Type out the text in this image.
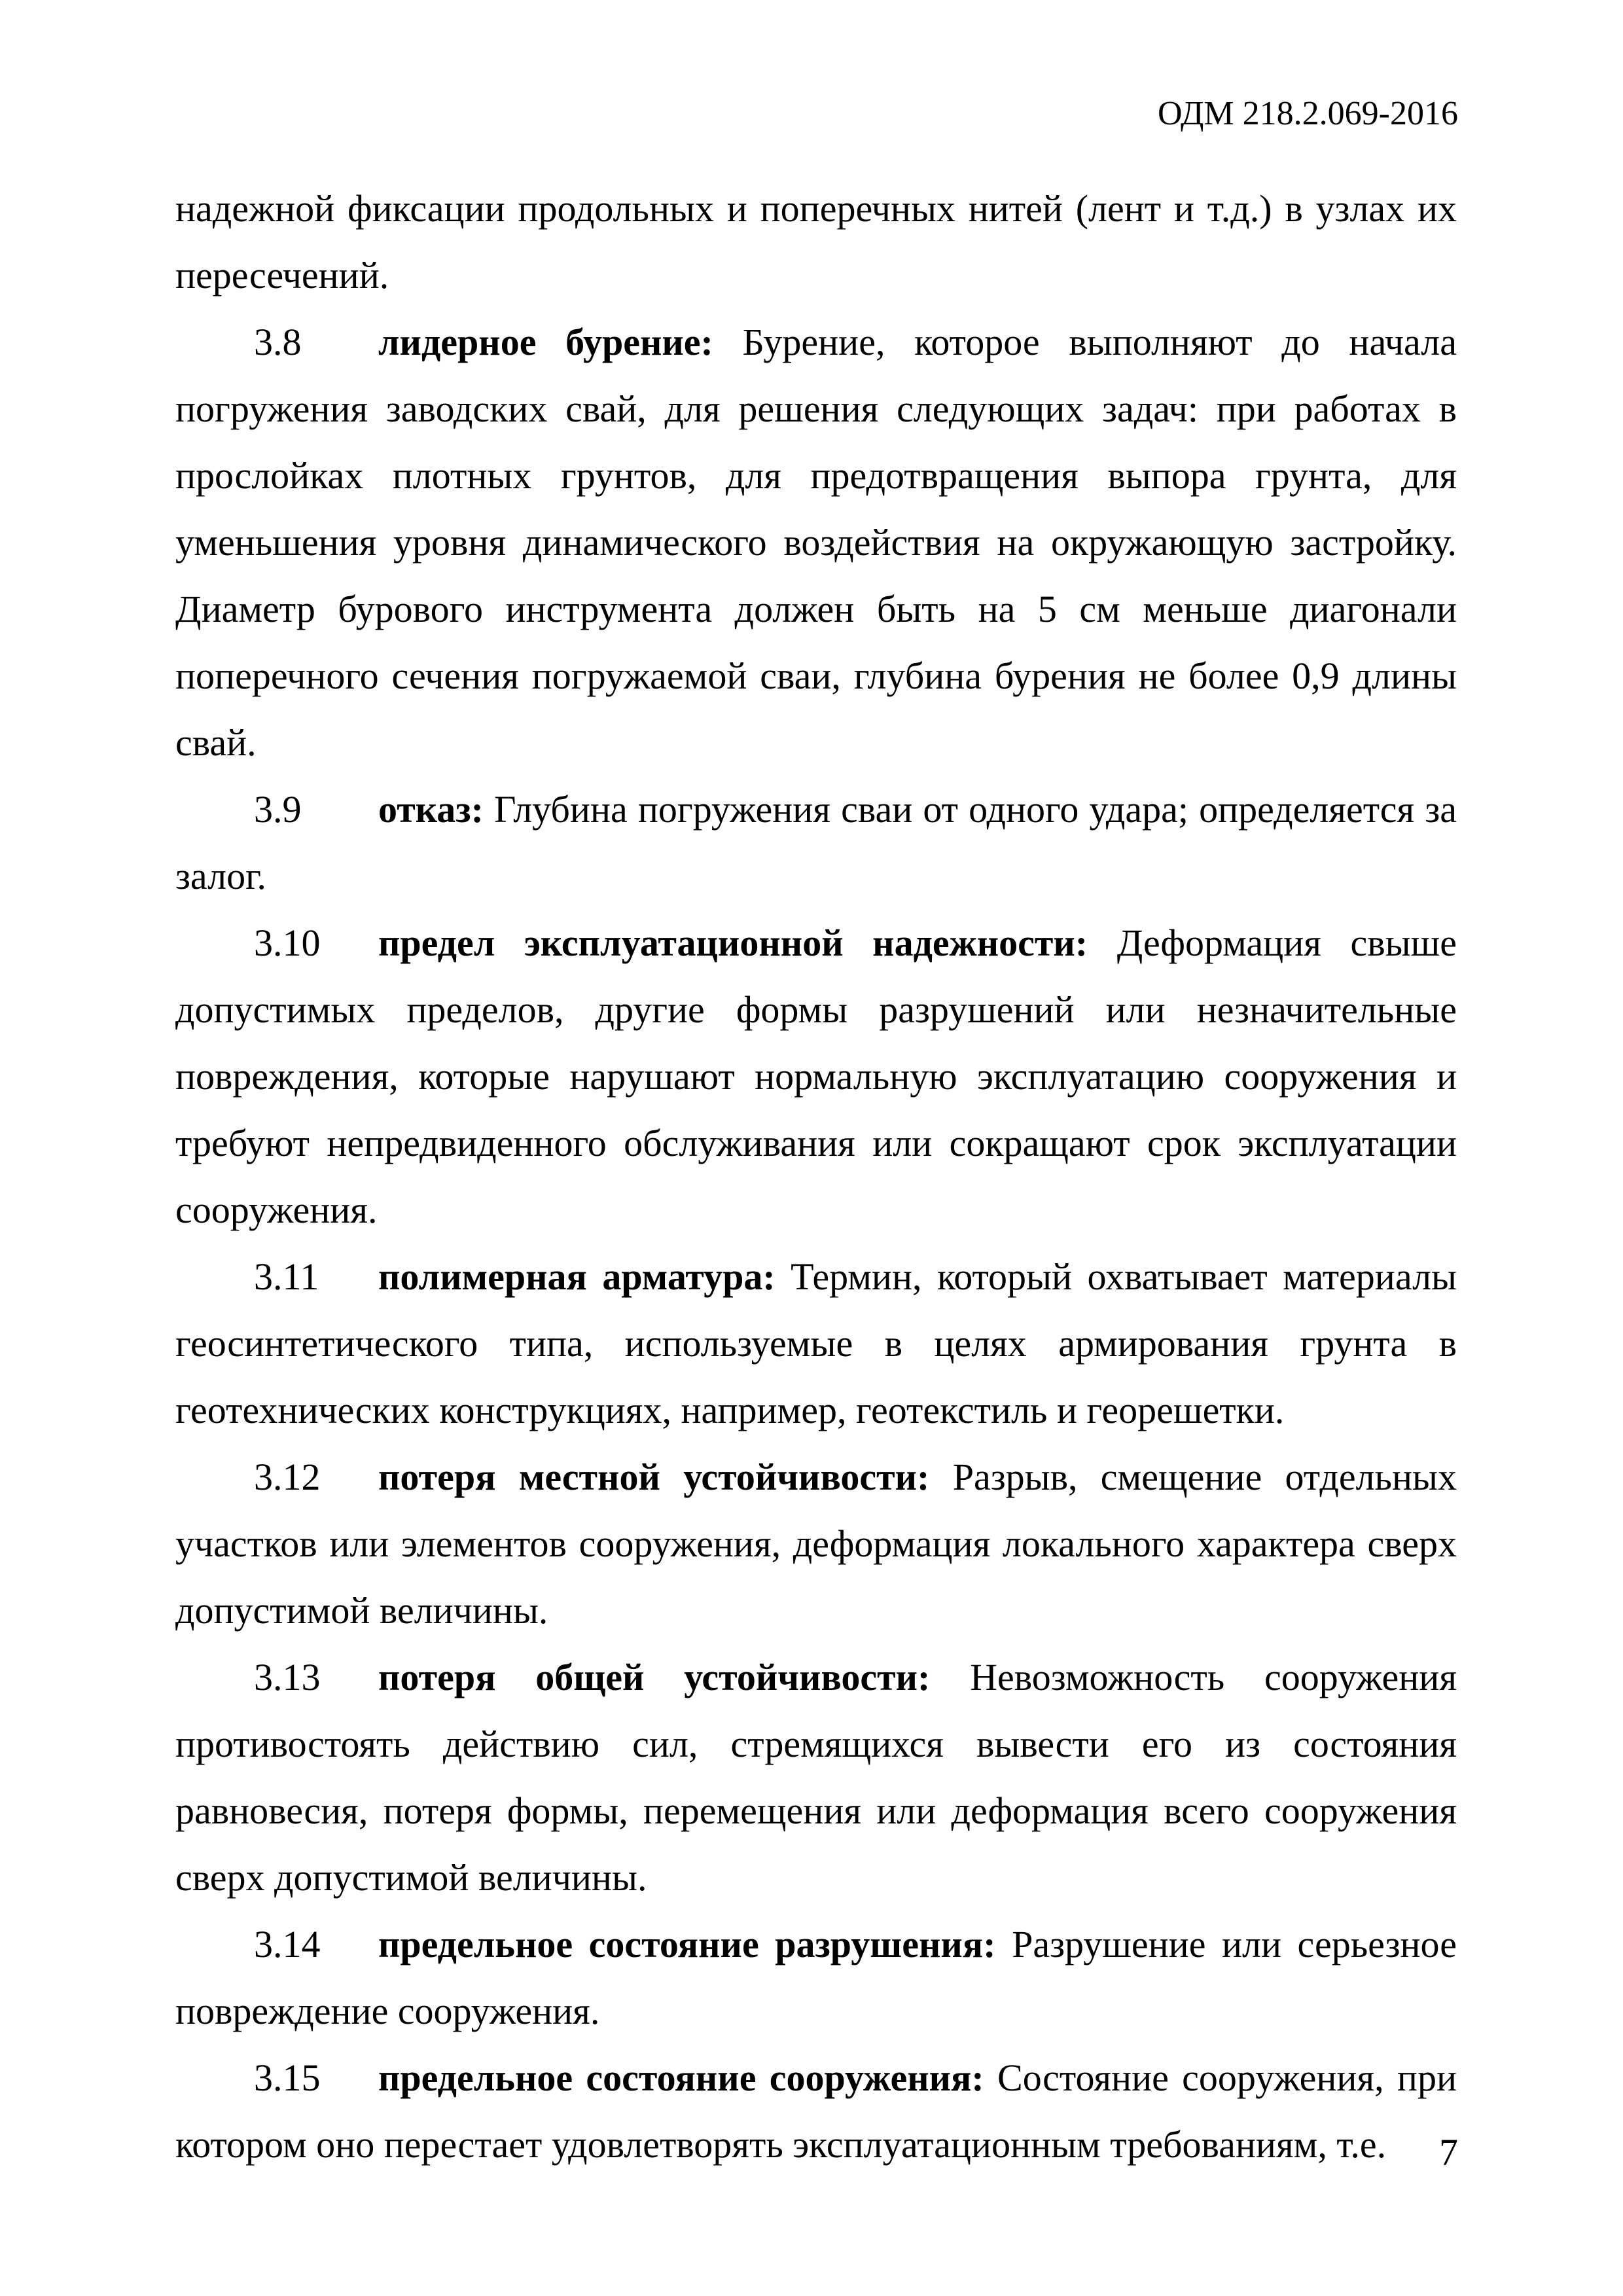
ОДМ 218.2.069-2016

надежной фиксации продольных и поперечных нитей (лент и т.д.) в узлах их пересечений.

3.8 лидерное бурение: Бурение, которое выполняют до начала погружения заводских свай, для решения следующих задач: при работах в прослойках плотных грунтов, для предотвращения выпора грунта, для уменьшения уровня динамического воздействия на окружающую застройку. Диаметр бурового инструмента должен быть на 5 см меньше диагонали поперечного сечения погружаемой сваи, глубина бурения не более 0,9 длины свай.

3.9 отказ: Глубина погружения сваи от одного удара; определяется за залог.

3.10 предел эксплуатационной надежности: Деформация свыше допустимых пределов, другие формы разрушений или незначительные повреждения, которые нарушают нормальную эксплуатацию сооружения и требуют непредвиденного обслуживания или сокращают срок эксплуатации сооружения.

3.11 полимерная арматура: Термин, который охватывает материалы геосинтетического типа, используемые в целях армирования грунта в геотехнических конструкциях, например, геотекстиль и георешетки.

3.12 потеря местной устойчивости: Разрыв, смещение отдельных участков или элементов сооружения, деформация локального характера сверх допустимой величины.

3.13 потеря общей устойчивости: Невозможность сооружения противостоять действию сил, стремящихся вывести его из состояния равновесия, потеря формы, перемещения или деформация всего сооружения сверх допустимой величины.

3.14 предельное состояние разрушения: Разрушение или серьезное повреждение сооружения.

3.15 предельное состояние сооружения: Состояние сооружения, при котором оно перестает удовлетворять эксплуатационным требованиям, т.е.	7
